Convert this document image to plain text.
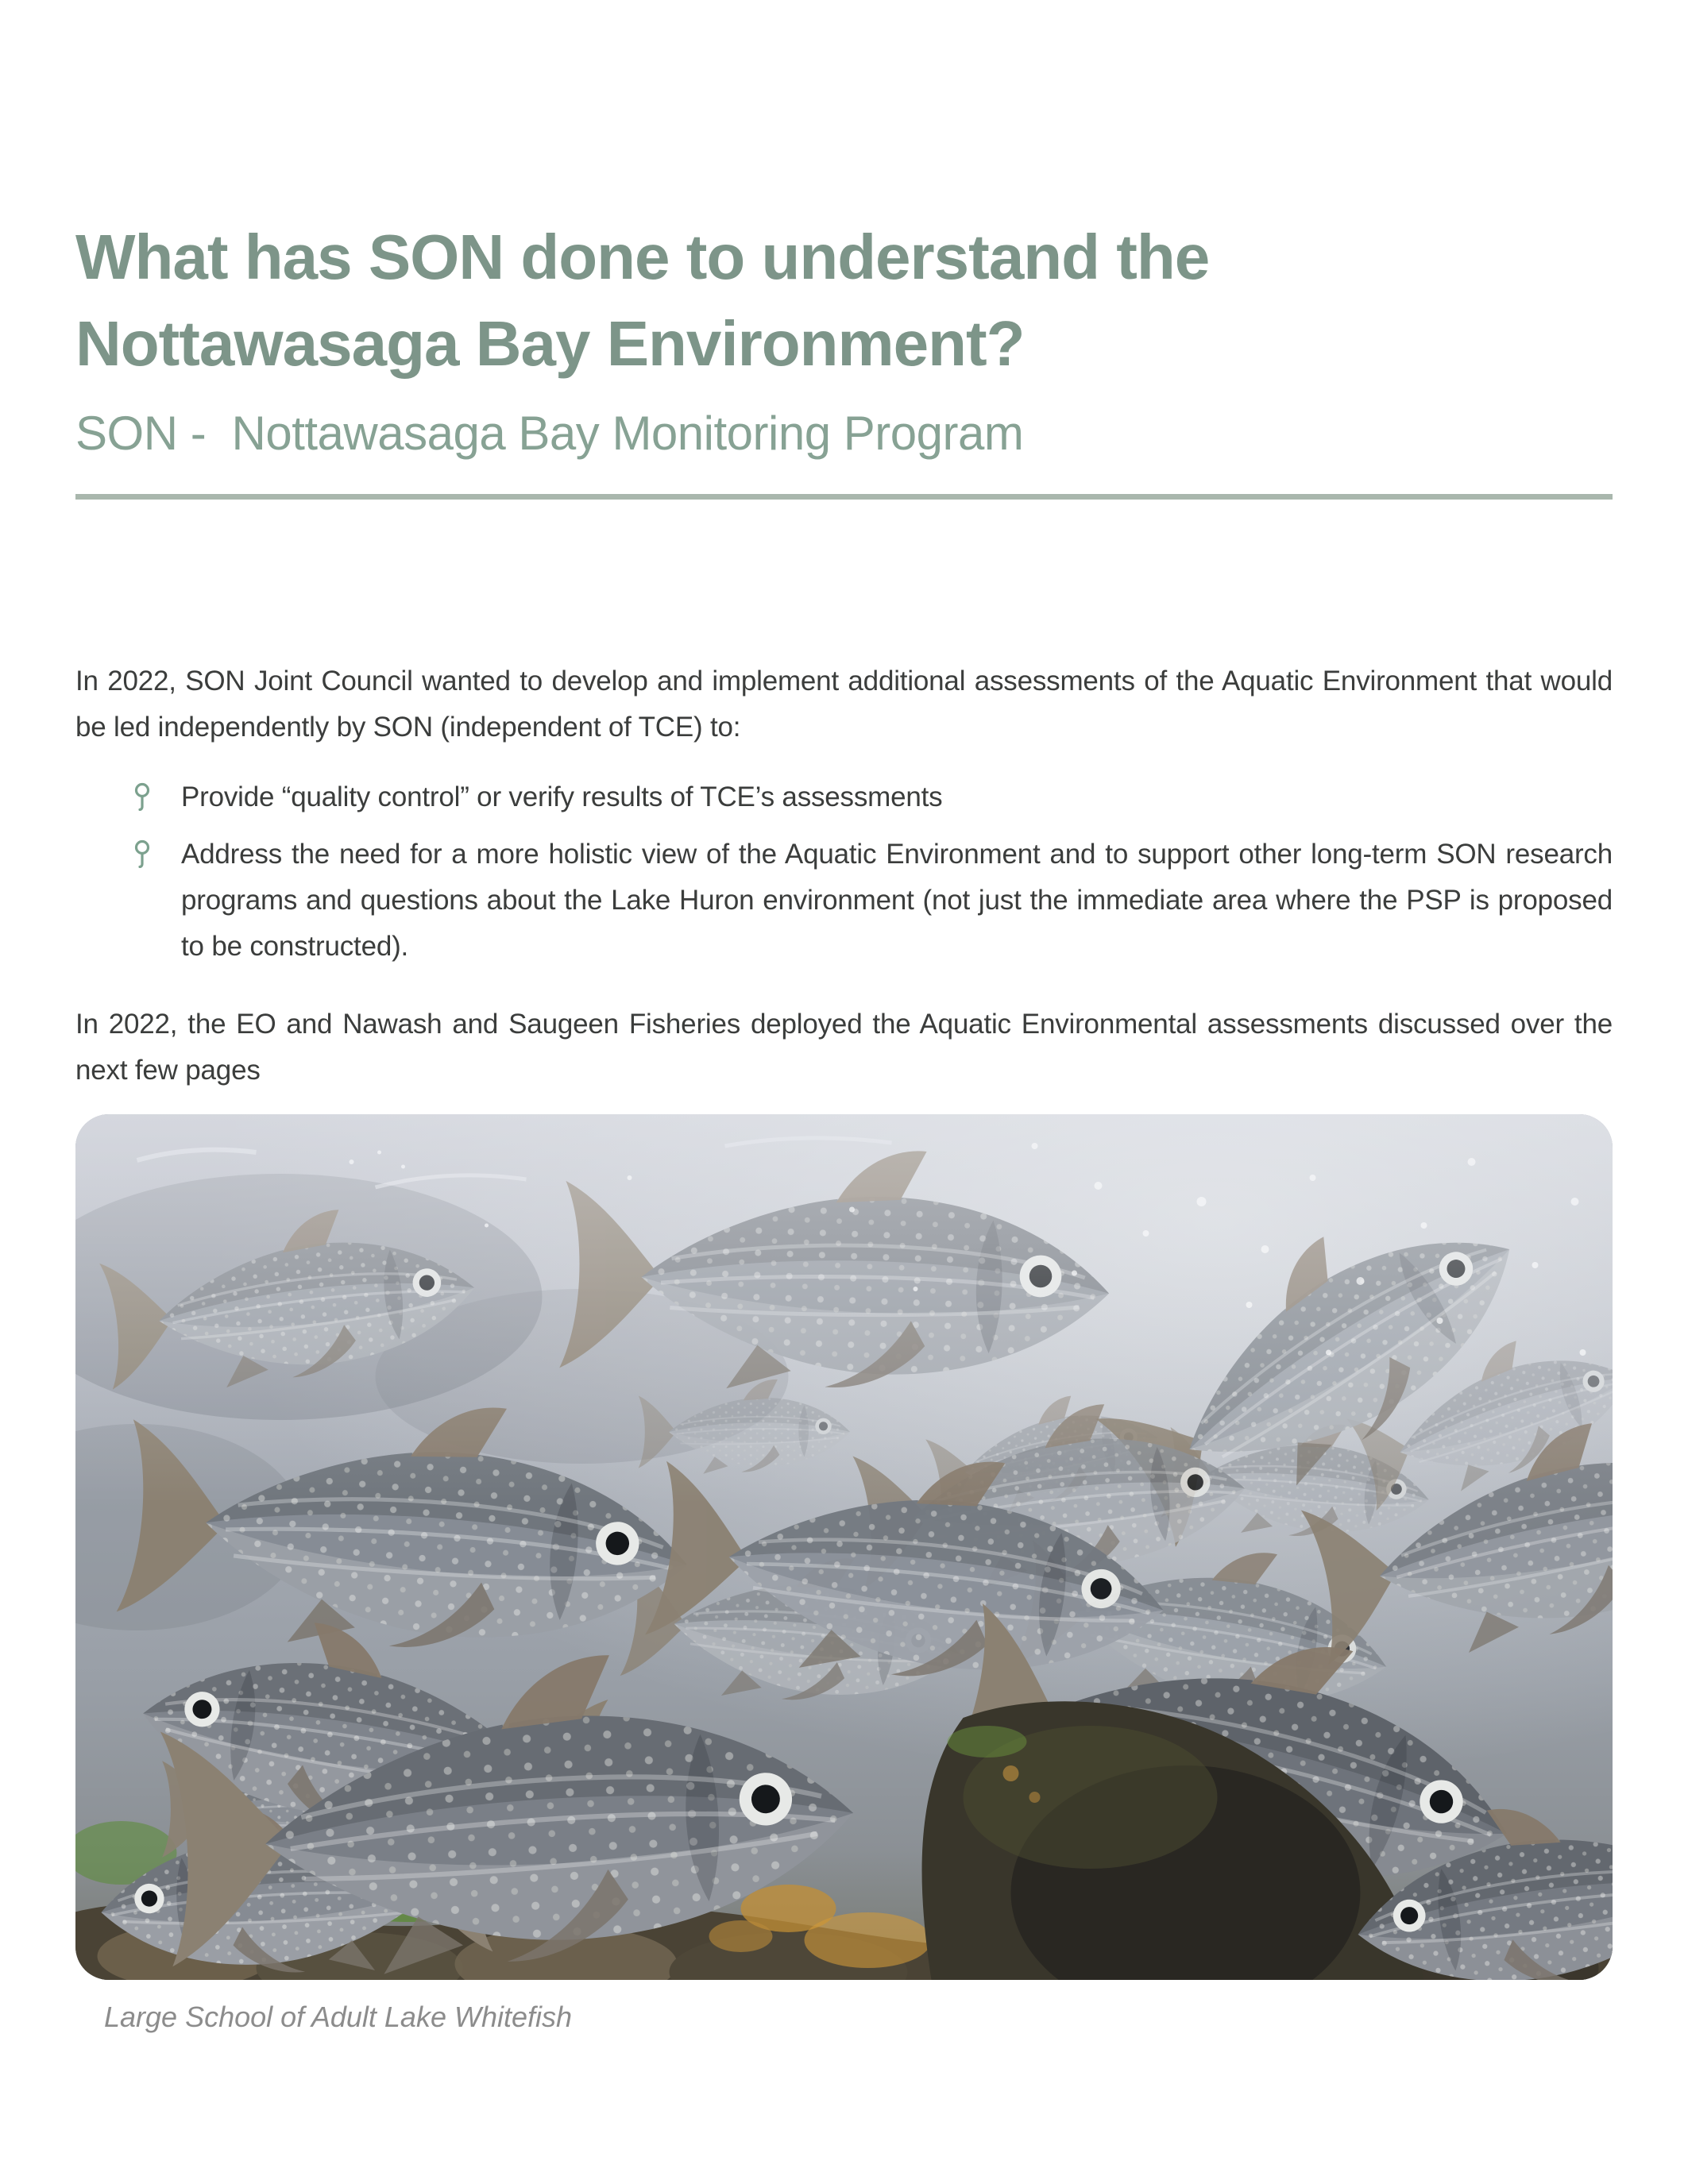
What has SON done to understand the Nottawasaga Bay Environment?
SON -  Nottawasaga Bay Monitoring Program

In 2022, SON Joint Council wanted to develop and implement additional assessments of the Aquatic Environment that would be led independently by SON (independent of TCE) to:

Provide “quality control” or verify results of TCE’s assessments
Address the need for a more holistic view of the Aquatic Environment and to support other long-term SON research programs and questions about the Lake Huron environment (not just the immediate area where the PSP is proposed to be constructed).

In 2022, the EO and Nawash and Saugeen Fisheries deployed the Aquatic Environmental assessments discussed over the next few pages

Large School of Adult Lake Whitefish
